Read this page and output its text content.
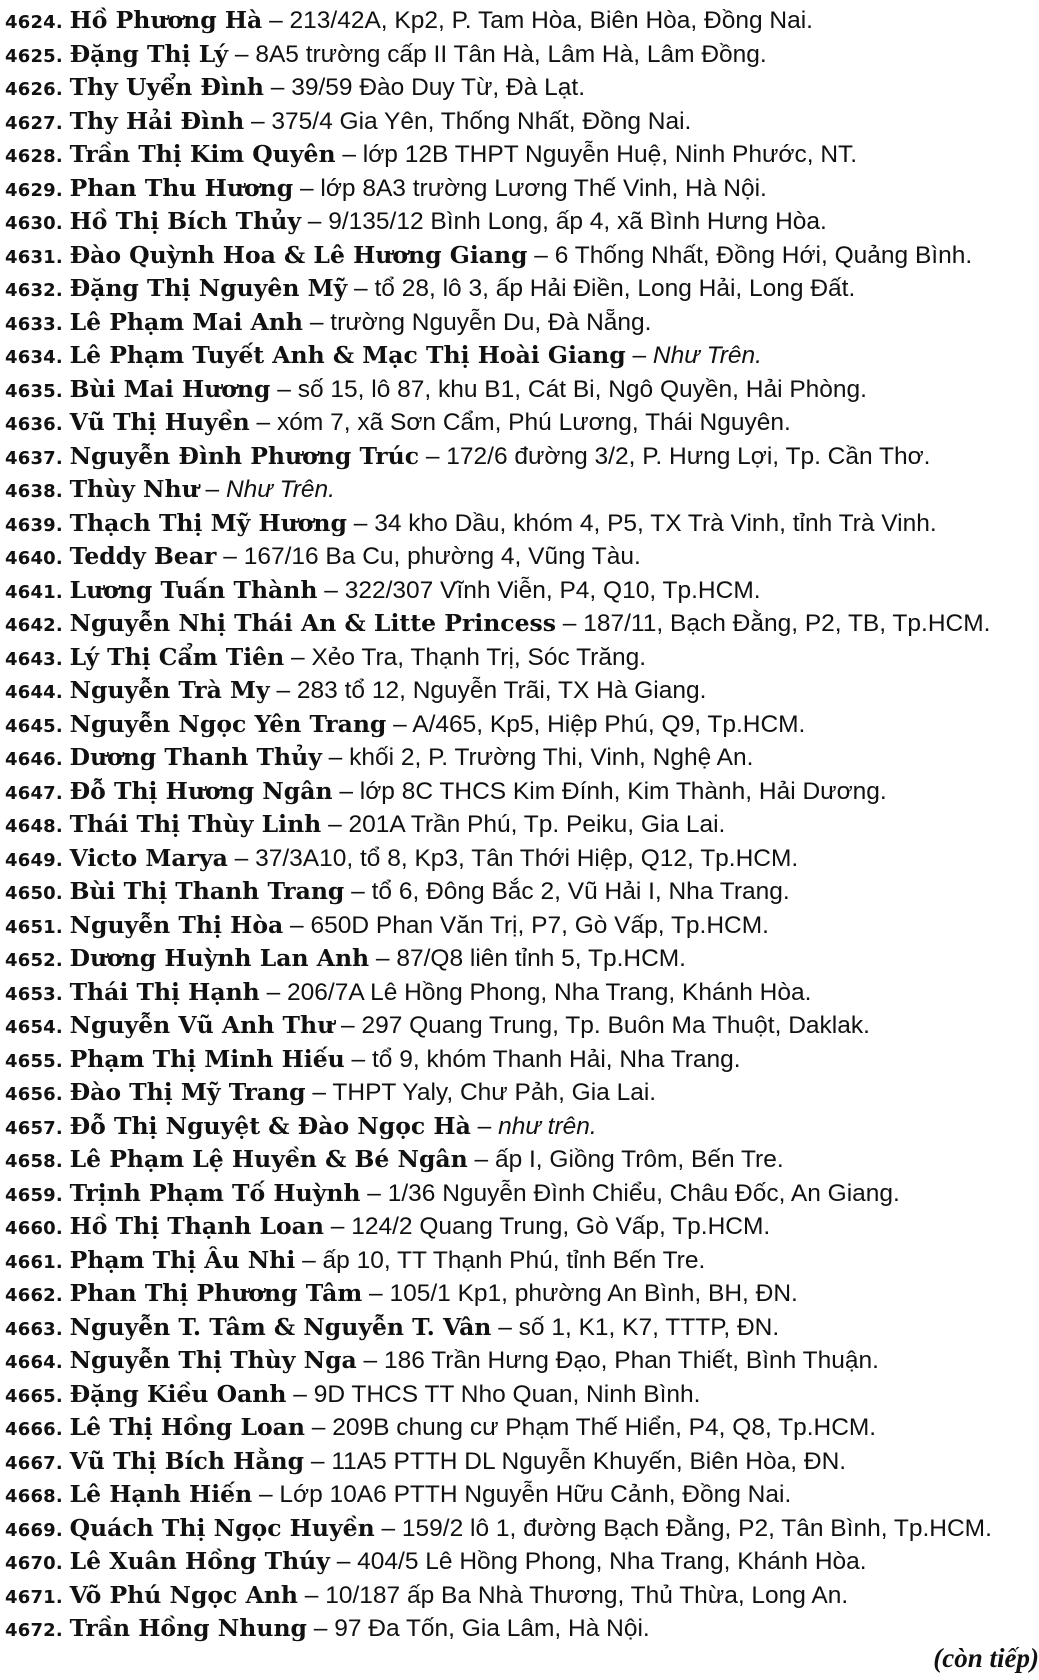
4624. Hồ Phương Hà – 213/42A, Kp2, P. Tam Hòa, Biên Hòa, Đồng Nai.
4625. Đặng Thị Lý – 8A5 trường cấp II Tân Hà, Lâm Hà, Lâm Đồng.
4626. Thy Uyển Đình – 39/59 Đào Duy Từ, Đà Lạt.
4627. Thy Hải Đình – 375/4 Gia Yên, Thống Nhất, Đồng Nai.
4628. Trần Thị Kim Quyên – lớp 12B THPT Nguyễn Huệ, Ninh Phước, NT.
4629. Phan Thu Hương – lớp 8A3 trường Lương Thế Vinh, Hà Nội.
4630. Hồ Thị Bích Thủy – 9/135/12 Bình Long, ấp 4, xã Bình Hưng Hòa.
4631. Đào Quỳnh Hoa & Lê Hương Giang – 6 Thống Nhất, Đồng Hới, Quảng Bình.
4632. Đặng Thị Nguyên Mỹ – tổ 28, lô 3, ấp Hải Điền, Long Hải, Long Đất.
4633. Lê Phạm Mai Anh – trường Nguyễn Du, Đà Nẵng.
4634. Lê Phạm Tuyết Anh & Mạc Thị Hoài Giang – Như Trên.
4635. Bùi Mai Hương – số 15, lô 87, khu B1, Cát Bi, Ngô Quyền, Hải Phòng.
4636. Vũ Thị Huyền – xóm 7, xã Sơn Cẩm, Phú Lương, Thái Nguyên.
4637. Nguyễn Đình Phương Trúc – 172/6 đường 3/2, P. Hưng Lợi, Tp. Cần Thơ.
4638. Thùy Như – Như Trên.
4639. Thạch Thị Mỹ Hương – 34 kho Dầu, khóm 4, P5, TX Trà Vinh, tỉnh Trà Vinh.
4640. Teddy Bear – 167/16 Ba Cu, phường 4, Vũng Tàu.
4641. Lương Tuấn Thành – 322/307 Vĩnh Viễn, P4, Q10, Tp.HCM.
4642. Nguyễn Nhị Thái An & Litte Princess – 187/11, Bạch Đằng, P2, TB, Tp.HCM.
4643. Lý Thị Cẩm Tiên – Xẻo Tra, Thạnh Trị, Sóc Trăng.
4644. Nguyễn Trà My – 283 tổ 12, Nguyễn Trãi, TX Hà Giang.
4645. Nguyễn Ngọc Yên Trang – A/465, Kp5, Hiệp Phú, Q9, Tp.HCM.
4646. Dương Thanh Thủy – khối 2, P. Trường Thi, Vinh, Nghệ An.
4647. Đỗ Thị Hương Ngân – lớp 8C THCS Kim Đính, Kim Thành, Hải Dương.
4648. Thái Thị Thùy Linh – 201A Trần Phú, Tp. Peiku, Gia Lai.
4649. Victo Marya – 37/3A10, tổ 8, Kp3, Tân Thới Hiệp, Q12, Tp.HCM.
4650. Bùi Thị Thanh Trang – tổ 6, Đông Bắc 2, Vũ Hải I, Nha Trang.
4651. Nguyễn Thị Hòa – 650D Phan Văn Trị, P7, Gò Vấp, Tp.HCM.
4652. Dương Huỳnh Lan Anh – 87/Q8 liên tỉnh 5, Tp.HCM.
4653. Thái Thị Hạnh – 206/7A Lê Hồng Phong, Nha Trang, Khánh Hòa.
4654. Nguyễn Vũ Anh Thư – 297 Quang Trung, Tp. Buôn Ma Thuột, Daklak.
4655. Phạm Thị Minh Hiếu – tổ 9, khóm Thanh Hải, Nha Trang.
4656. Đào Thị Mỹ Trang – THPT Yaly, Chư Pảh, Gia Lai.
4657. Đỗ Thị Nguyệt & Đào Ngọc Hà – như trên.
4658. Lê Phạm Lệ Huyền & Bé Ngân – ấp I, Giồng Trôm, Bến Tre.
4659. Trịnh Phạm Tố Huỳnh – 1/36 Nguyễn Đình Chiểu, Châu Đốc, An Giang.
4660. Hồ Thị Thạnh Loan – 124/2 Quang Trung, Gò Vấp, Tp.HCM.
4661. Phạm Thị Âu Nhi – ấp 10, TT Thạnh Phú, tỉnh Bến Tre.
4662. Phan Thị Phương Tâm – 105/1 Kp1, phường An Bình, BH, ĐN.
4663. Nguyễn T. Tâm & Nguyễn T. Vân – số 1, K1, K7, TTTP, ĐN.
4664. Nguyễn Thị Thùy Nga – 186 Trần Hưng Đạo, Phan Thiết, Bình Thuận.
4665. Đặng Kiều Oanh – 9D THCS TT Nho Quan, Ninh Bình.
4666. Lê Thị Hồng Loan – 209B chung cư Phạm Thế Hiển, P4, Q8, Tp.HCM.
4667. Vũ Thị Bích Hằng – 11A5 PTTH DL Nguyễn Khuyến, Biên Hòa, ĐN.
4668. Lê Hạnh Hiến – Lớp 10A6 PTTH Nguyễn Hữu Cảnh, Đồng Nai.
4669. Quách Thị Ngọc Huyền – 159/2 lô 1, đường Bạch Đằng, P2, Tân Bình, Tp.HCM.
4670. Lê Xuân Hồng Thúy – 404/5 Lê Hồng Phong, Nha Trang, Khánh Hòa.
4671. Võ Phú Ngọc Anh – 10/187 ấp Ba Nhà Thương, Thủ Thừa, Long An.
4672. Trần Hồng Nhung – 97 Đa Tốn, Gia Lâm, Hà Nội.
(còn tiếp)
